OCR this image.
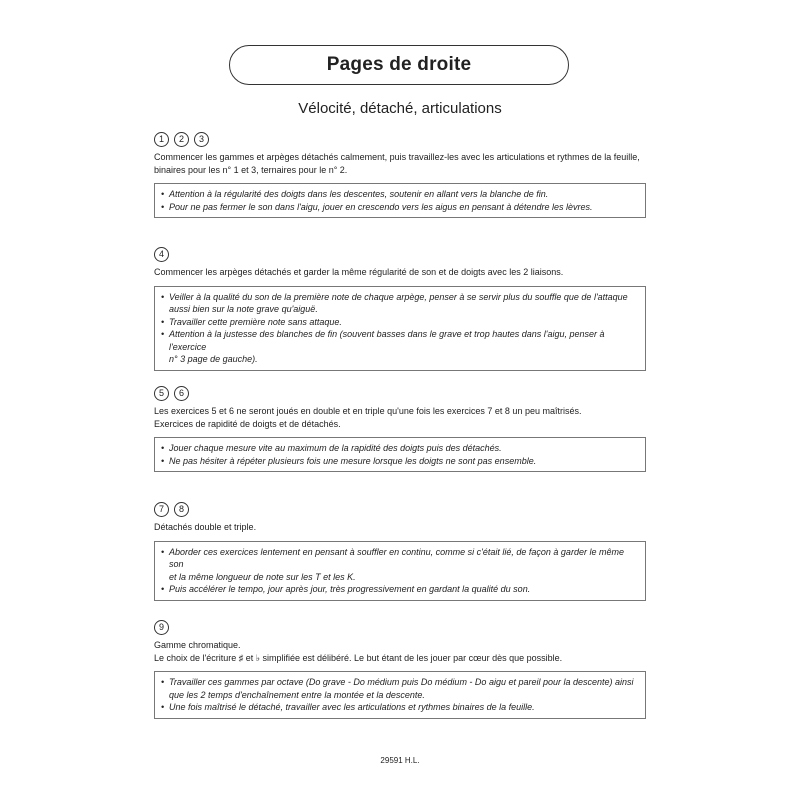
Pages de droite
Vélocité, détaché, articulations
1	2	3

Commencer les gammes et arpèges détachés calmement, puis travaillez-les avec les articulations et rythmes de la feuille,

binaires pour les n° 1 et 3, ternaires pour le n° 2.

• Attention à la régularité des doigts dans les descentes, soutenir en allant vers la blanche de fin.
• Pour ne pas fermer le son dans l'aigu, jouer en crescendo vers les aigus en pensant à détendre les lèvres.
4

Commencer les arpèges détachés et garder la même régularité de son et de doigts avec les 2 liaisons.

• Veiller à la qualité du son de la première note de chaque arpège, penser à se servir plus du souffle que de l'attaque
aussi bien sur la note grave qu'aiguë.
• Travailler cette première note sans attaque.
• Attention à la justesse des blanches de fin (souvent basses dans le grave et trop hautes dans l'aigu, penser à l'exercice
n° 3 page de gauche).
5	6

Les exercices 5 et 6 ne seront joués en double et en triple qu'une fois les exercices 7 et 8 un peu maîtrisés.

Exercices de rapidité de doigts et de détachés.

• Jouer chaque mesure vite au maximum de la rapidité des doigts puis des détachés.
• Ne pas hésiter à répéter plusieurs fois une mesure lorsque les doigts ne sont pas ensemble.
7	8

Détachés double et triple.

• Aborder ces exercices lentement en pensant à souffler en continu, comme si c'était lié, de façon à garder le même son
et la même longueur de note sur les T et les K.
• Puis accélérer le tempo, jour après jour, très progressivement en gardant la qualité du son.
9

Gamme chromatique.

Le choix de l'écriture ♯ et ♭ simplifiée est délibéré. Le but étant de les jouer par cœur dès que possible.

• Travailler ces gammes par octave (Do grave - Do médium puis Do médium - Do aigu et pareil pour la descente) ainsi
que les 2 temps d'enchaînement entre la montée et la descente.
• Une fois maîtrisé le détaché, travailler avec les articulations et rythmes binaires de la feuille.
29591 H.L.
